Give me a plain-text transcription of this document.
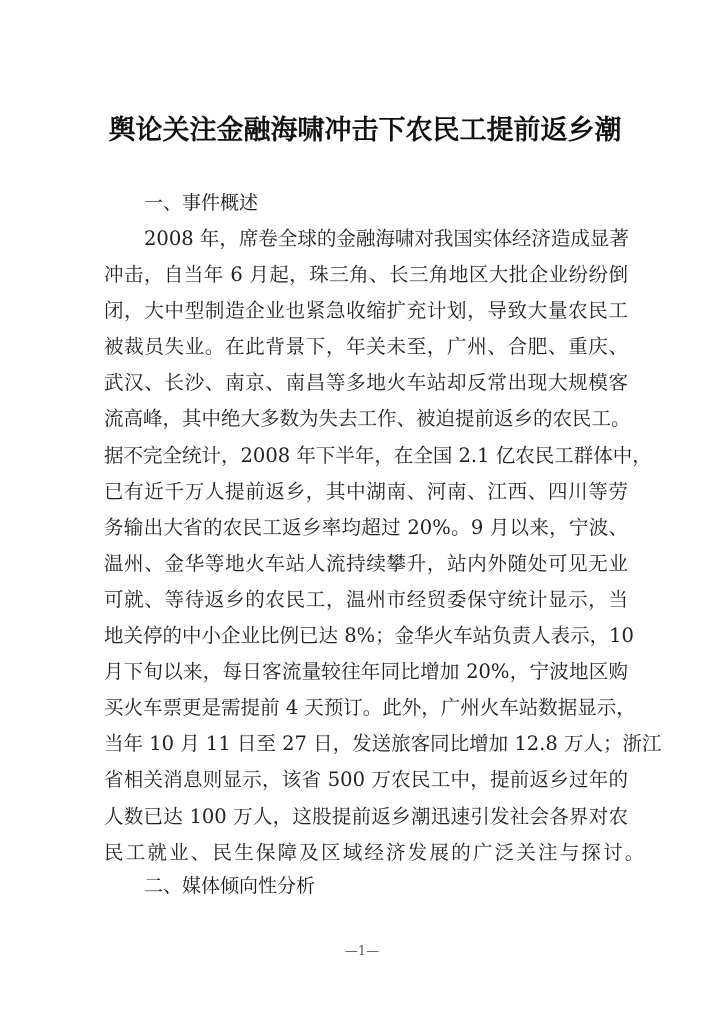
舆论关注金融海啸冲击下农民工提前返乡潮
一、事件概述
2008 年，席卷全球的金融海啸对我国实体经济造成显著
冲击，自当年 6 月起，珠三角、长三角地区大批企业纷纷倒
闭，大中型制造企业也紧急收缩扩充计划，导致大量农民工
被裁员失业。在此背景下，年关未至，广州、合肥、重庆、
武汉、长沙、南京、南昌等多地火车站却反常出现大规模客
流高峰，其中绝大多数为失去工作、被迫提前返乡的农民工。
据不完全统计，2008 年下半年，在全国 2.1 亿农民工群体中，
已有近千万人提前返乡，其中湖南、河南、江西、四川等劳
务输出大省的农民工返乡率均超过 20%。9 月以来，宁波、
温州、金华等地火车站人流持续攀升，站内外随处可见无业
可就、等待返乡的农民工，温州市经贸委保守统计显示，当
地关停的中小企业比例已达 8%；金华火车站负责人表示，10
月下旬以来，每日客流量较往年同比增加 20%，宁波地区购
买火车票更是需提前 4 天预订。此外，广州火车站数据显示，
当年 10 月 11 日至 27 日，发送旅客同比增加 12.8 万人；浙江
省相关消息则显示，该省 500 万农民工中，提前返乡过年的
人数已达 100 万人，这股提前返乡潮迅速引发社会各界对农
民工就业、民生保障及区域经济发展的广泛关注与探讨。
二、媒体倾向性分析
—1—
